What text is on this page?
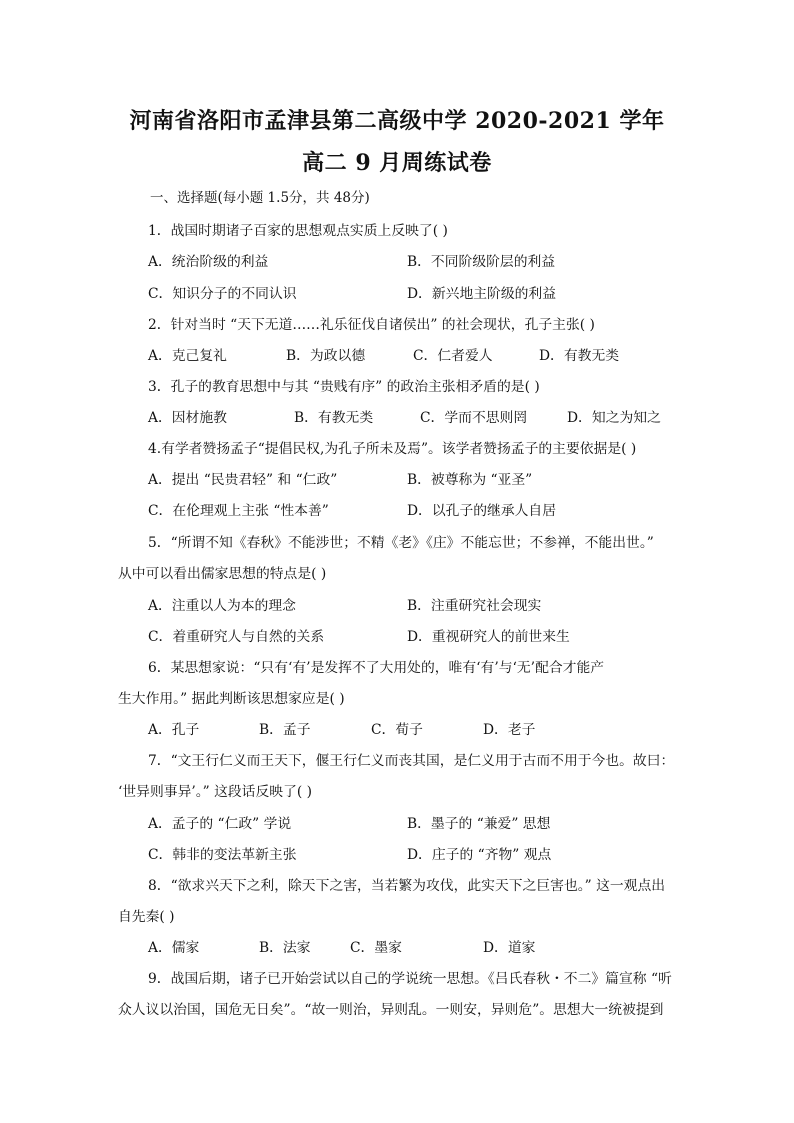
河南省洛阳市孟津县第二高级中学 2020-2021 学年
高二 9 月周练试卷
一、选择题(每小题 1.5分，共 48分)
1．战国时期诸子百家的思想观点实质上反映了( )
A．统治阶级的利益	B．不同阶级阶层的利益
C．知识分子的不同认识	D．新兴地主阶级的利益
2．针对当时 “天下无道……礼乐征伐自诸侯出” 的社会现状，孔子主张( )
A．克己复礼	B．为政以德	C．仁者爱人	D．有教无类
3．孔子的教育思想中与其 “贵贱有序” 的政治主张相矛盾的是( )
A．因材施教	B．有教无类	C．学而不思则罔	D．知之为知之
4.有学者赞扬孟子“提倡民权,为孔子所未及焉”。该学者赞扬孟子的主要依据是( )
A．提出 “民贵君轻” 和 “仁政”	B．被尊称为 “亚圣”
C．在伦理观上主张 “性本善”	D．以孔子的继承人自居
5．“所谓不知《春秋》不能涉世；不精《老》《庄》不能忘世；不参禅，不能出世。”
从中可以看出儒家思想的特点是( )
A．注重以人为本的理念	B．注重研究社会现实
C．着重研究人与自然的关系	D．重视研究人的前世来生
6．某思想家说：“只有‘有’是发挥不了大用处的，唯有‘有’与‘无’配合才能产
生大作用。” 据此判断该思想家应是( )
A．孔子	B．孟子	C．荀子	D．老子
7．“文王行仁义而王天下，偃王行仁义而丧其国，是仁义用于古而不用于今也。故曰：
‘世异则事异’。” 这段话反映了( )
A．孟子的 “仁政” 学说	B．墨子的 “兼爱” 思想
C．韩非的变法革新主张	D．庄子的 “齐物” 观点
8．“欲求兴天下之利，除天下之害，当若繁为攻伐，此实天下之巨害也。” 这一观点出
自先秦( )
A．儒家	B．法家	C．墨家	D．道家
9．战国后期，诸子已开始尝试以自己的学说统一思想。《吕氏春秋・不二》篇宣称 “听
众人议以治国，国危无日矣”。“故一则治，异则乱。一则安，异则危”。思想大一统被提到
